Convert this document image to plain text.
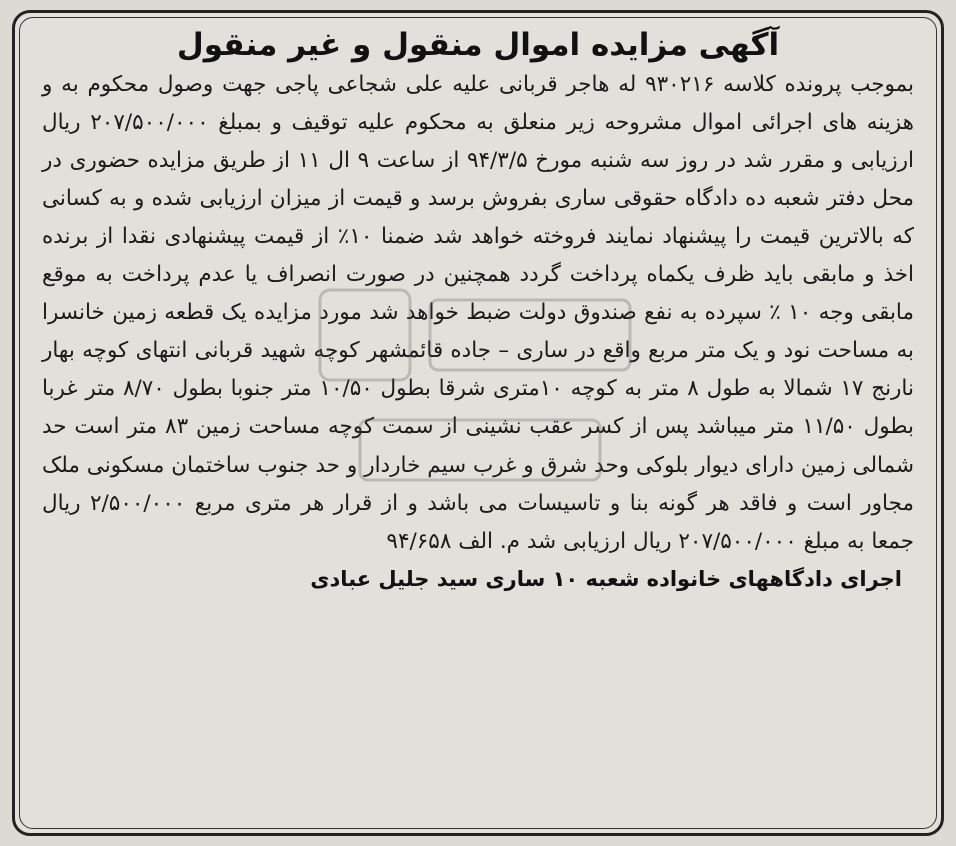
آگهی مزایده اموال منقول و غیر منقول

بموجب پرونده کلاسه ۹۳۰۲۱۶ له هاجر قربانی علیه علی شجاعی پاجی جهت وصول محکوم به و هزینه های اجرائی اموال مشروحه زیر منعلق به محکوم علیه توقیف و بمبلغ ۲۰۷/۵۰۰/۰۰۰ ریال ارزیابی و مقرر شد در روز سه شنبه مورخ ۹۴/۳/۵ از ساعت ۹ ال ۱۱ از طریق مزایده حضوری در محل دفتر شعبه ده دادگاه حقوقی ساری بفروش برسد و قیمت از میزان ارزیابی شده و به کسانی که بالاترین قیمت را پیشنهاد نمایند فروخته خواهد شد ضمنا ۱۰٪ از قیمت پیشنهادی نقدا از برنده اخذ و مابقی باید ظرف یکماه پرداخت گردد همچنین در صورت انصراف یا عدم پرداخت به موقع مابقی وجه ۱۰ ٪ سپرده به نفع صندوق دولت ضبط خواهد شد مورد مزایده یک قطعه زمین خانسرا به مساحت نود و یک متر مربع واقع در ساری – جاده قائمشهر کوچه شهید قربانی انتهای کوچه بهار نارنج ۱۷ شمالا به طول ۸ متر به کوچه ۱۰متری شرقا بطول ۱۰/۵۰ متر جنوبا بطول ۸/۷۰ متر غربا بطول ۱۱/۵۰ متر میباشد پس از کسر عقب نشینی از سمت کوچه مساحت زمین ۸۳ متر است حد شمالی زمین دارای دیوار بلوکی وحد شرق و غرب سیم خاردار و حد جنوب ساختمان مسکونی ملک مجاور است و فاقد هر گونه بنا و تاسیسات می باشد و از قرار هر متری مربع ۲/۵۰۰/۰۰۰ ریال جمعا به مبلغ ۲۰۷/۵۰۰/۰۰۰ ریال ارزیابی شد م. الف ۹۴/۶۵۸

اجرای دادگاههای خانواده شعبه ۱۰ ساری سید جلیل عبادی
